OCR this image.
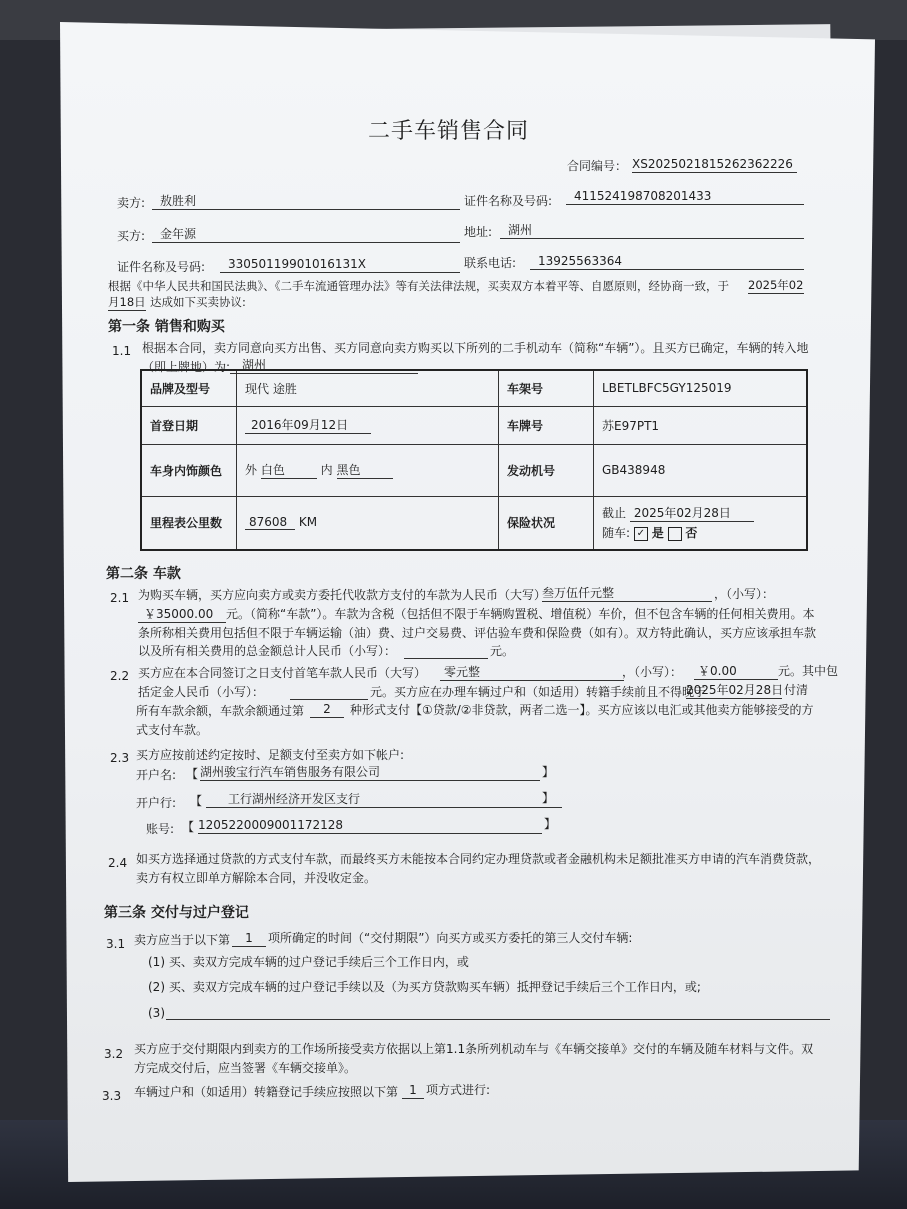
二手车销售合同
合同编号： XS2025021815262362226
卖方:	敖胜利	证件名称及号码:	411524198708201433
买方:	金年源	地址:	湖州
证件名称及号码:	33050119901016131X	联系电话:	13925563364
根据《中华人民共和国民法典》、《二手车流通管理办法》等有关法律法规，买卖双方本着平等、自愿原则，经协商一致，于 2025年02
月18日 达成如下买卖协议:
第一条 销售和购买
1.1 根据本合同，卖方同意向买方出售、买方同意向卖方购买以下所列的二手机动车（简称“车辆”）。且买方已确定，车辆的转入地
（即上牌地）为: 湖州
品牌及型号	现代 途胜	车架号	LBETLBFC5GY125019
首登日期	2016年09月12日	车牌号	苏E97PT1
车身内饰颜色	外 白色 内 黑色	发动机号	GB438948
里程表公里数	87608 KM	保险状况	截止 2025年02月28日
随车: ✓ 是 否
第二条 车款
2.1 为购买车辆，买方应向卖方或卖方委托代收款方支付的车款为人民币（大写）
叁万伍仟元整	，（小写）：
￥35000.00	元。（简称“车款”）。车款为含税（包括但不限于车辆购置税、增值税）车价，但不包含车辆的任何相关费用。本
条所称相关费用包括但不限于车辆运输（油）费、过户交易费、评估验车费和保险费（如有）。双方特此确认，买方应该承担车款
以及所有相关费用的总金额总计人民币（小写）：	元。
2.2 买方应在本合同签订之日支付首笔车款人民币（大写）	零元整	，（小写）：	￥0.00	元。其中包
括定金人民币（小写）：	元。买方应在办理车辆过户和（如适用）转籍手续前且不得晚于
2025年02月28日 付清
所有车款余额，车款余额通过第	2	种形式支付【①贷款/②非贷款，两者二选一】。买方应该以电汇或其他卖方能够接受的方
式支付车款。
2.3 买方应按前述约定按时、足额支付至卖方如下帐户:
开户名: 【 湖州骏宝行汽车销售服务有限公司	】
开户行: 【	工行湖州经济开发区支行	】
账号: 【 1205220009001172128	】
2.4 如买方选择通过贷款的方式支付车款，而最终买方未能按本合同约定办理贷款或者金融机构未足额批准买方申请的汽车消费贷款，
卖方有权立即单方解除本合同，并没收定金。
第三条 交付与过户登记
3.1 卖方应当于以下第	1	项所确定的时间（“交付期限”）向买方或买方委托的第三人交付车辆:
(1) 买、卖双方完成车辆的过户登记手续后三个工作日内，或
(2) 买、卖双方完成车辆的过户登记手续以及（为买方贷款购买车辆）抵押登记手续后三个工作日内，或;
(3)
3.2 买方应于交付期限内到卖方的工作场所接受卖方依据以上第1.1条所列机动车与《车辆交接单》交付的车辆及随车材料与文件。双
方完成交付后，应当签署《车辆交接单》。
3.3 车辆过户和（如适用）转籍登记手续应按照以下第 1 项方式进行:
